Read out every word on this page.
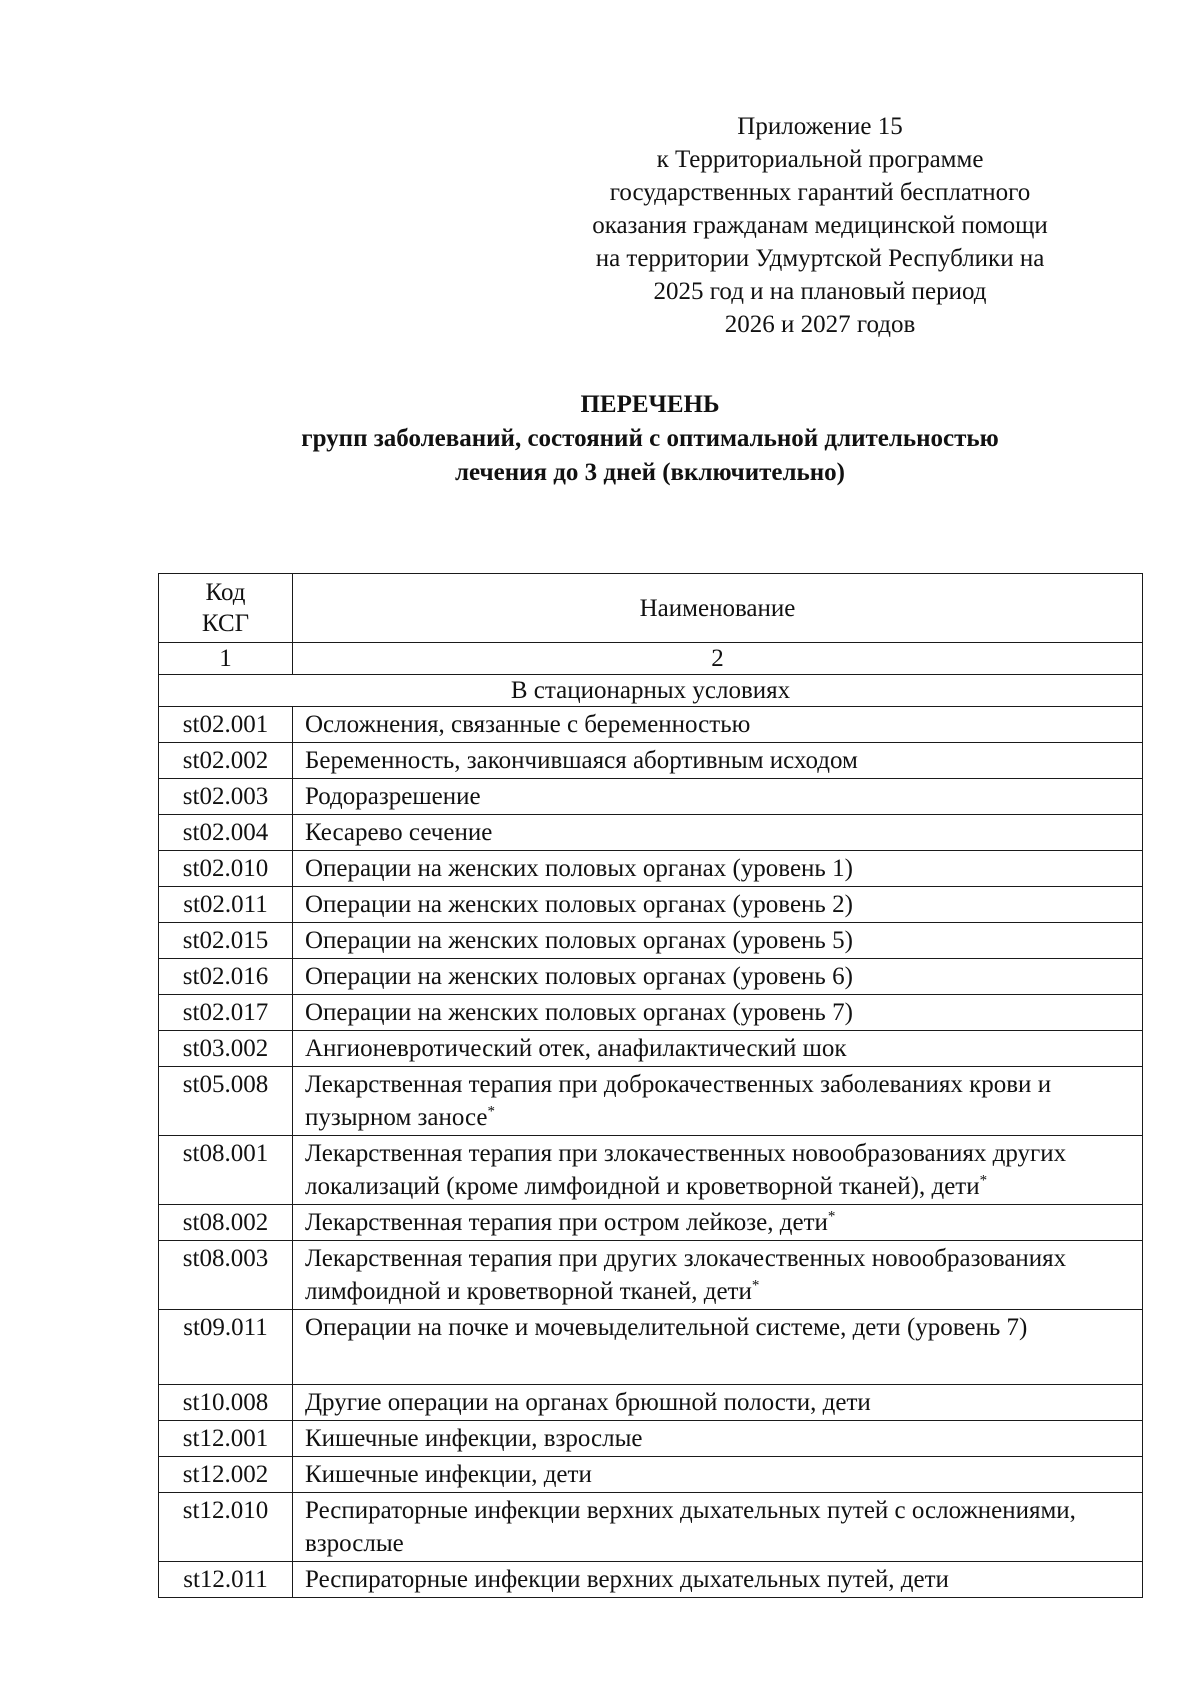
Приложение 15
к Территориальной программе
государственных гарантий бесплатного
оказания гражданам медицинской помощи
на территории Удмуртской Республики на
2025 год и на плановый период
2026 и 2027 годов
ПЕРЕЧЕНЬ
групп заболеваний, состояний с оптимальной длительностью
лечения до 3 дней (включительно)
Код
КСГ	Наименование
1	2
В стационарных условиях	
st02.001	Осложнения, связанные с беременностью
st02.002	Беременность, закончившаяся абортивным исходом
st02.003	Родоразрешение
st02.004	Кесарево сечение
st02.010	Операции на женских половых органах (уровень 1)
st02.011	Операции на женских половых органах (уровень 2)
st02.015	Операции на женских половых органах (уровень 5)
st02.016	Операции на женских половых органах (уровень 6)
st02.017	Операции на женских половых органах (уровень 7)
st03.002	Ангионевротический отек, анафилактический шок
st05.008	Лекарственная терапия при доброкачественных заболеваниях крови и пузырном заносе*
st08.001	Лекарственная терапия при злокачественных новообразованиях других локализаций (кроме лимфоидной и кроветворной тканей), дети*
st08.002	Лекарственная терапия при остром лейкозе, дети*
st08.003	Лекарственная терапия при других злокачественных новообразованиях лимфоидной и кроветворной тканей, дети*
st09.011	Операции на почке и мочевыделительной системе, дети (уровень 7)
st10.008	Другие операции на органах брюшной полости, дети
st12.001	Кишечные инфекции, взрослые
st12.002	Кишечные инфекции, дети
st12.010	Респираторные инфекции верхних дыхательных путей с осложнениями, взрослые
st12.011	Респираторные инфекции верхних дыхательных путей, дети
